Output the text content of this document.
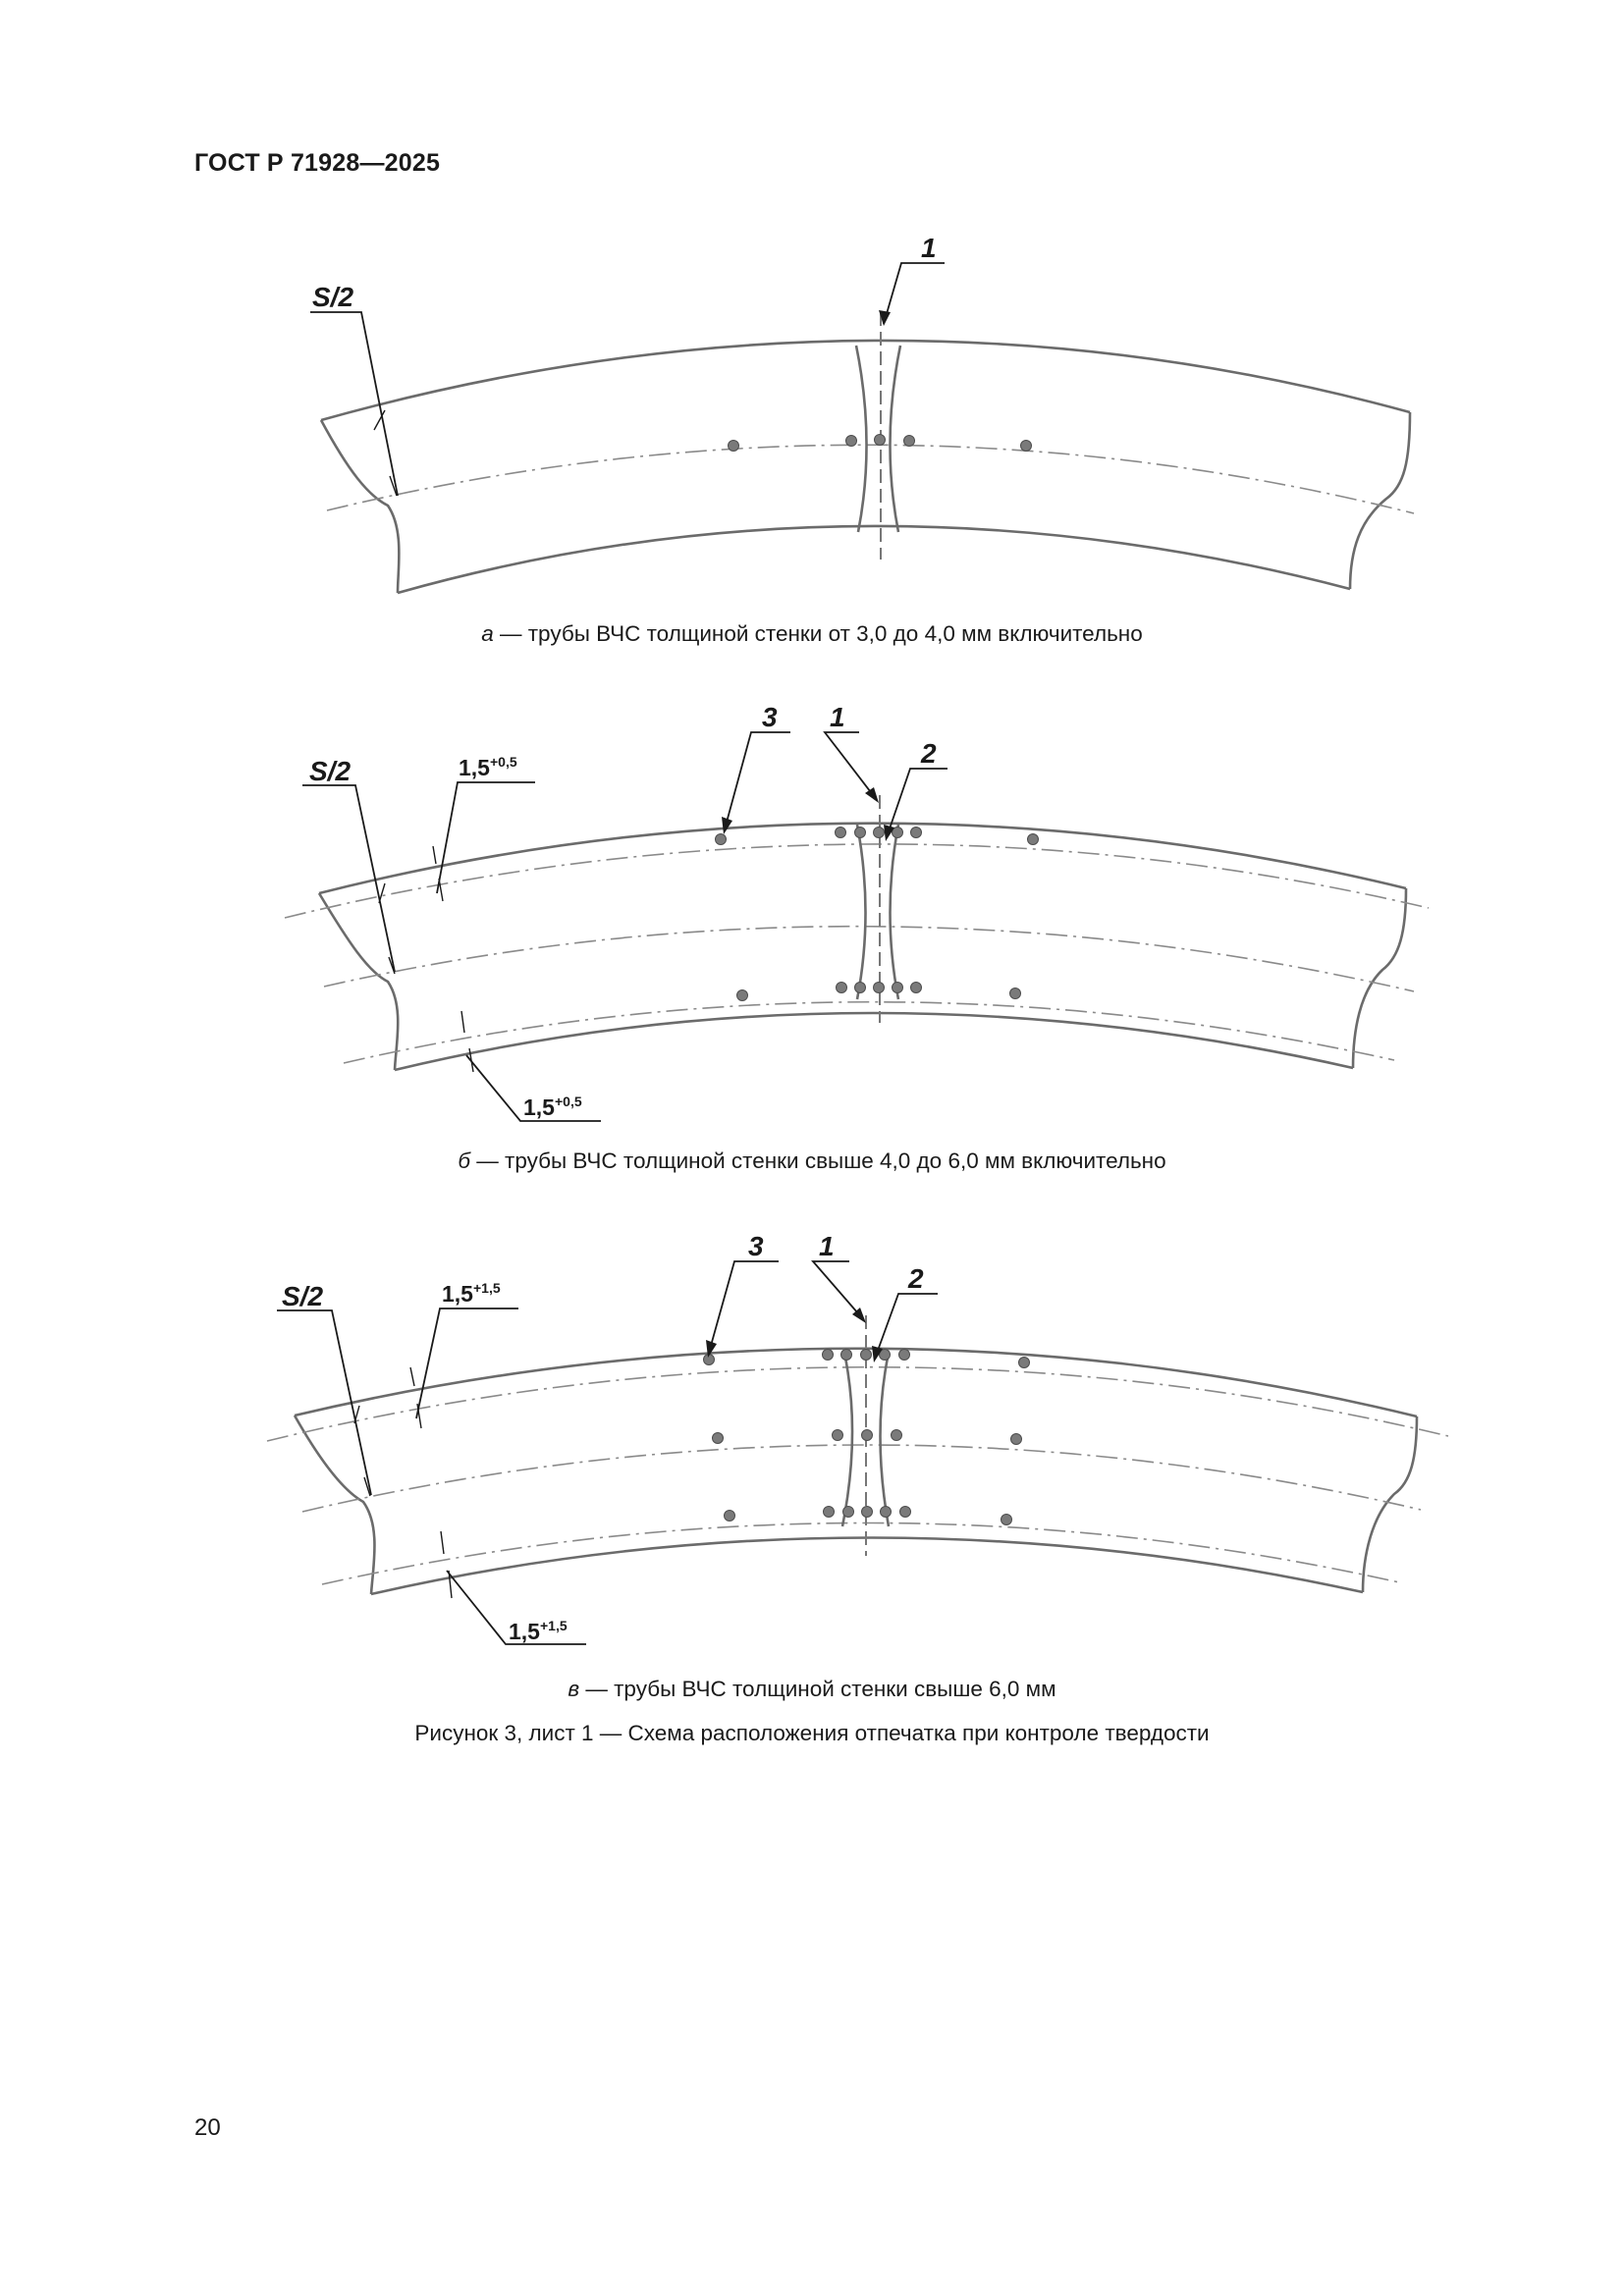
ГОСТ Р 71928—2025
S/2
1
S/2	$1,5^{+0,5}$
$1,5^{+0,5}$
3 1
2
S/2	$1,5^{+1,5}$
$1,5^{+1,5}$
3 1
2
а — трубы ВЧС толщиной стенки от 3,0 до 4,0 мм включительно
б — трубы ВЧС толщиной стенки свыше 4,0 до 6,0 мм включительно
в — трубы ВЧС толщиной стенки свыше 6,0 мм
Рисунок 3, лист 1 — Схема расположения отпечатка при контроле твердости
20
